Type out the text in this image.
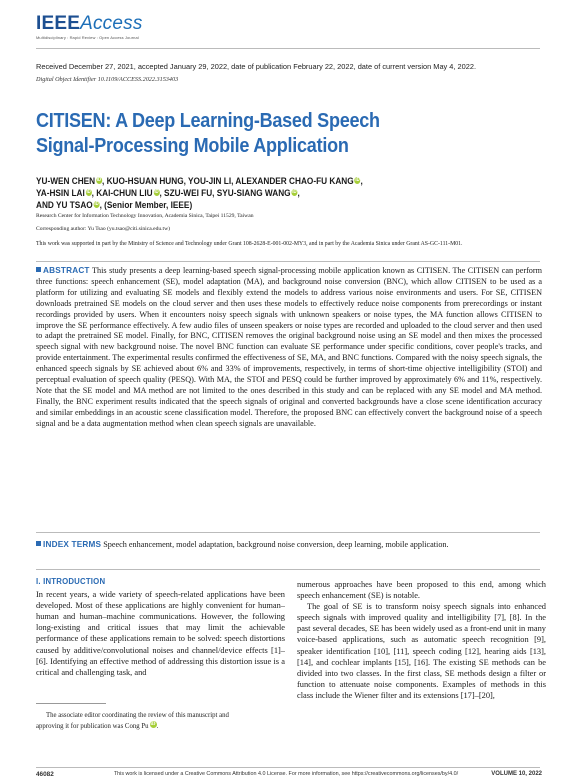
IEEEAccess
Multidisciplinary : Rapid Review : Open Access Journal
Received December 27, 2021, accepted January 29, 2022, date of publication February 22, 2022, date of current version May 4, 2022.
Digital Object Identifier 10.1109/ACCESS.2022.3153403
CITISEN: A Deep Learning-Based Speech
Signal-Processing Mobile Application
YU-WEN CHEN iD, KUO-HSUAN HUNG, YOU-JIN LI, ALEXANDER CHAO-FU KANG iD,
YA-HSIN LAI iD, KAI-CHUN LIU iD, SZU-WEI FU, SYU-SIANG WANG iD,
AND YU TSAO iD, (Senior Member, IEEE)
Research Center for Information Technology Innovation, Academia Sinica, Taipei 11529, Taiwan
Corresponding author: Yu Tsao (yu.tsao@citi.sinica.edu.tw)
This work was supported in part by the Ministry of Science and Technology under Grant 108-2628-E-001-002-MY3, and in part by the Academia Sinica under Grant AS-GC-111-M01.
ABSTRACT This study presents a deep learning-based speech signal-processing mobile application known as CITISEN. The CITISEN can perform three functions: speech enhancement (SE), model adaptation (MA), and background noise conversion (BNC), which allow CITISEN to be used as a platform for utilizing and evaluating SE models and flexibly extend the models to address various noise environments and users. For SE, CITISEN downloads pretrained SE models on the cloud server and then uses these models to effectively reduce noise components from prerecordings or instant recordings provided by users. When it encounters noisy speech signals with unknown speakers or noise types, the MA function allows CITISEN to improve the SE performance effectively. A few audio files of unseen speakers or noise types are recorded and uploaded to the cloud server and then used to adapt the pretrained SE model. Finally, for BNC, CITISEN removes the original background noise using an SE model and then mixes the processed speech signal with new background noise. The novel BNC function can evaluate SE performance under specific conditions, cover people's tracks, and provide entertainment. The experimental results confirmed the effectiveness of SE, MA, and BNC functions. Compared with the noisy speech signals, the enhanced speech signals by SE achieved about 6% and 33% of improvements, respectively, in terms of short-time objective intelligibility (STOI) and perceptual evaluation of speech quality (PESQ). With MA, the STOI and PESQ could be further improved by approximately 6% and 11%, respectively. Note that the SE model and MA method are not limited to the ones described in this study and can be replaced with any SE model and MA method. Finally, the BNC experiment results indicated that the speech signals of original and converted backgrounds have a close scene identification accuracy and similar embeddings in an acoustic scene classification model. Therefore, the proposed BNC can effectively convert the background noise of a speech signal and be a data augmentation method when clean speech signals are unavailable.
INDEX TERMS Speech enhancement, model adaptation, background noise conversion, deep learning, mobile application.
I. INTRODUCTION

In recent years, a wide variety of speech-related applications have been developed. Most of these applications are highly convenient for human–human and human–machine communications. However, the following long-existing and critical issues that may limit the achievable performance of these applications remain to be solved: speech distortions caused by additive/convolutional noises and channel/device effects [1]–[6]. Identifying an effective method of addressing this distortion issue is a critical and challenging task, and

numerous approaches have been proposed to this end, among which speech enhancement (SE) is notable.

The goal of SE is to transform noisy speech signals into enhanced speech signals with improved quality and intelligibility [7], [8]. In the past several decades, SE has been widely used as a front-end unit in many voice-based applications, such as automatic speech recognition [9], speaker identification [10], [11], speech coding [12], hearing aids [13], [14], and cochlear implants [15], [16]. The existing SE methods can be divided into two classes. In the first class, SE methods design a filter or function to attenuate noise components. Examples of methods in this class include the Wiener filter and its extensions [17]–[20],

The associate editor coordinating the review of this manuscript and
approving it for publication was Cong Pu iD.
46082	This work is licensed under a Creative Commons Attribution 4.0 License. For more information, see https://creativecommons.org/licenses/by/4.0/	VOLUME 10, 2022
